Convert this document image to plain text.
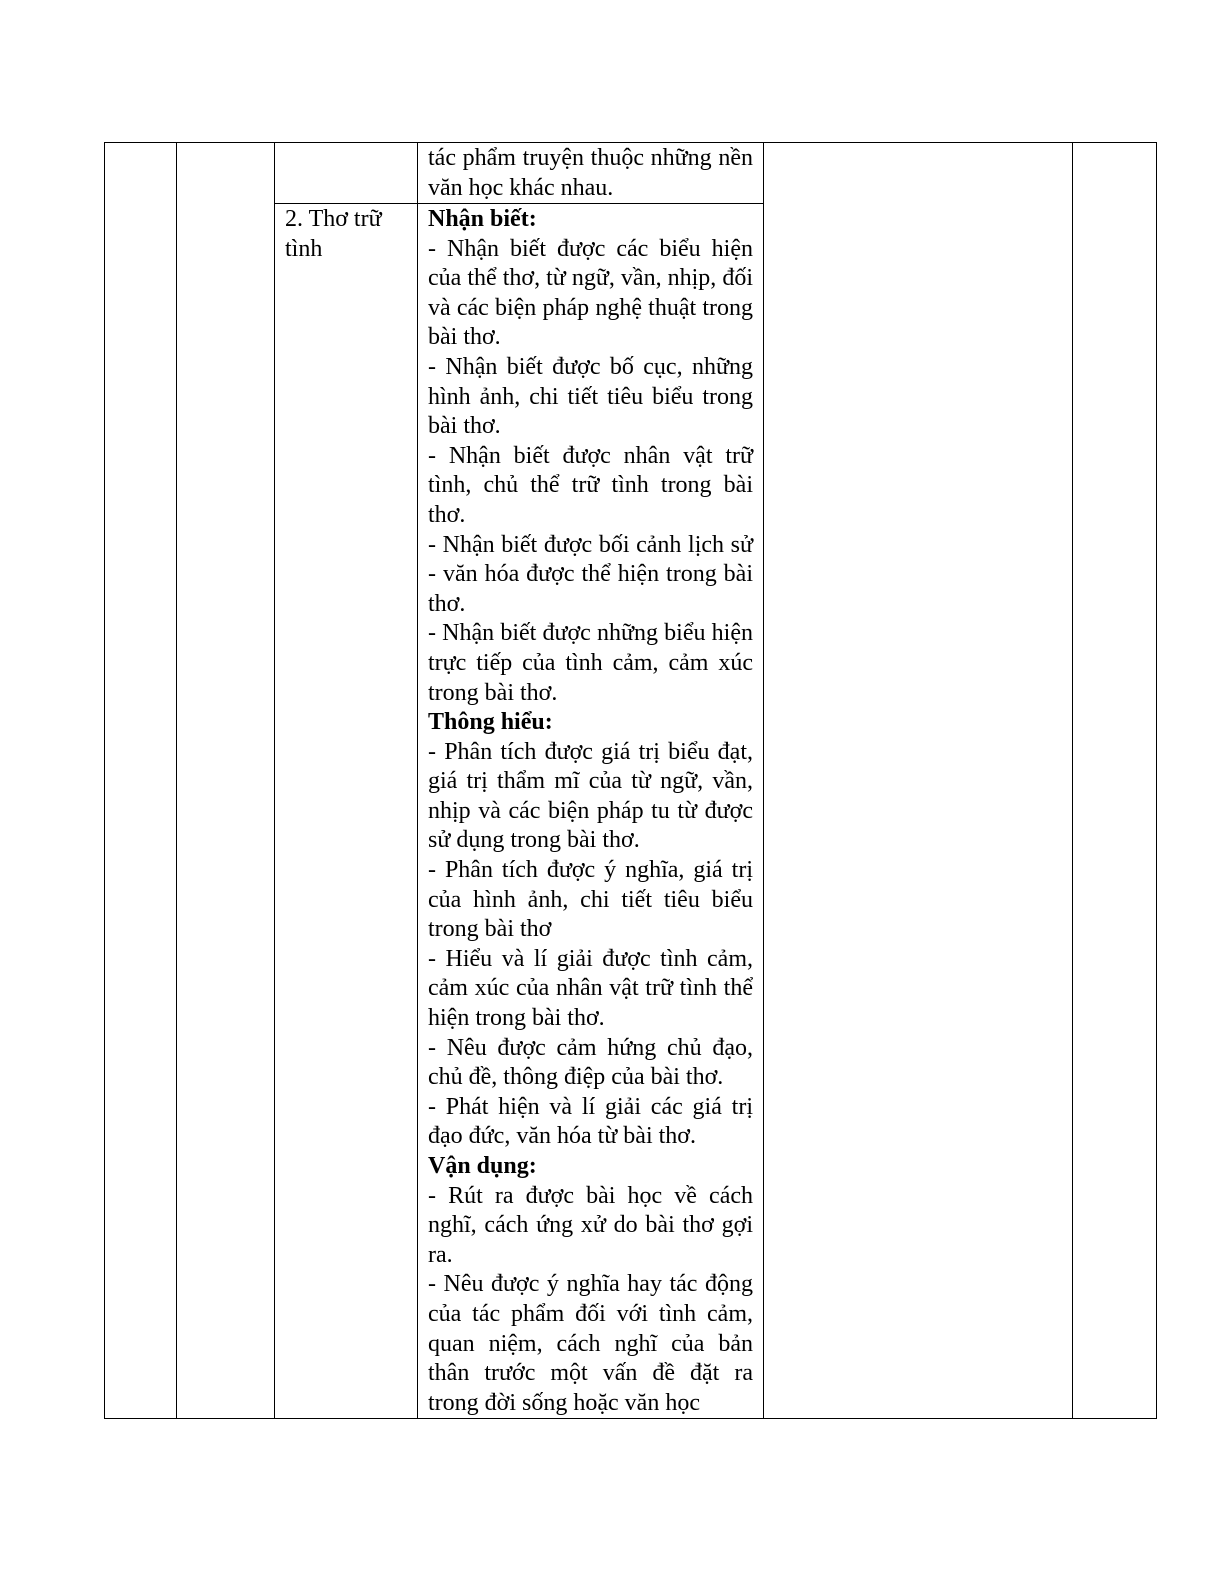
tác phẩm truyện thuộc những nền văn học khác nhau.

2. Thơ trữ

tình

Nhận biết:

- Nhận biết được các biểu hiện của thể thơ, từ ngữ, vần, nhịp, đối và các biện pháp nghệ thuật trong bài thơ.

- Nhận biết được bố cục, những hình ảnh, chi tiết tiêu biểu trong bài thơ.

- Nhận biết được nhân vật trữ tình, chủ thể trữ tình trong bài thơ.

- Nhận biết được bối cảnh lịch sử - văn hóa được thể hiện trong bài thơ.

- Nhận biết được những biểu hiện trực tiếp của tình cảm, cảm xúc trong bài thơ.

Thông hiểu:

- Phân tích được giá trị biểu đạt, giá trị thẩm mĩ của từ ngữ, vần, nhịp và các biện pháp tu từ được sử dụng trong bài thơ.

- Phân tích được ý nghĩa, giá trị của hình ảnh, chi tiết tiêu biểu trong bài thơ

- Hiểu và lí giải được tình cảm, cảm xúc của nhân vật trữ tình thể hiện trong bài thơ.

- Nêu được cảm hứng chủ đạo, chủ đề, thông điệp của bài thơ.

- Phát hiện và lí giải các giá trị đạo đức, văn hóa từ bài thơ.

Vận dụng:

- Rút ra được bài học về cách nghĩ, cách ứng xử do bài thơ gợi ra.

- Nêu được ý nghĩa hay tác động của tác phẩm đối với tình cảm, quan niệm, cách nghĩ của bản thân trước một vấn đề đặt ra trong đời sống hoặc văn học
